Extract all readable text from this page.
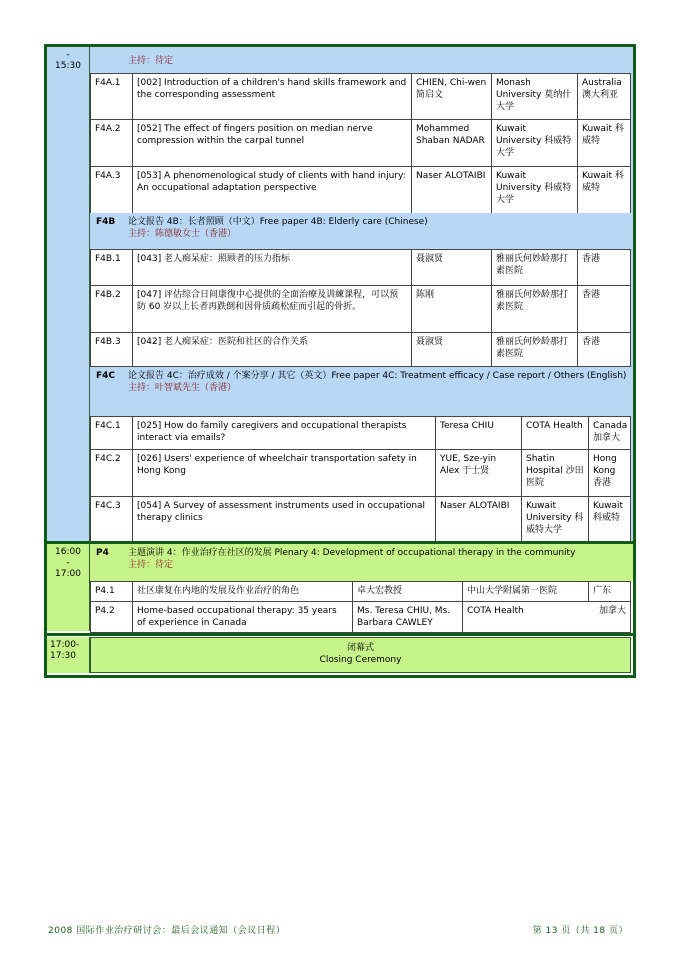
-
15:30	主持：待定
F4A.1	[002] Introduction of a children's hand skills framework and the corresponding assessment	CHIEN, Chi-wen 简启文	Monash University 莫纳什大学	Australia 澳大利亚
F4A.2	[052] The effect of fingers position on median nerve compression within the carpal tunnel	Mohammed Shaban NADAR	Kuwait University 科威特大学	Kuwait 科威特
F4A.3	[053] A phenomenological study of clients with hand injury: An occupational adaptation perspective	Naser ALOTAIBI	Kuwait University 科威特大学	Kuwait 科威特
F4B 论文报告 4B：长者照顾（中文）Free paper 4B: Elderly care (Chinese)
主持：陈德敏女士（香港）
F4B.1	[043] 老人痴呆症：照顾者的压力指标	聂淑贤	雅丽氏何妙龄那打素医院	香港
F4B.2	[047] 评估综合日间康復中心提供的全面治療及训練课程，可以预防 60 岁以上长者再跌倒和因骨质疏松症而引起的骨折。	陈刚	雅丽氏何妙龄那打素医院	香港
F4B.3	[042] 老人痴呆症：医院和社区的合作关系	聂淑贤	雅丽氏何妙龄那打素医院	香港
F4C	论文报告 4C：治疗成效 / 个案分享 / 其它（英文）Free paper 4C: Treatment efficacy / Case report / Others (English)
主持：叶智斌先生（香港）
F4C.1	[025] How do family caregivers and occupational therapists interact via emails?	Teresa CHIU	COTA Health	Canada 加拿大
F4C.2	[026] Users' experience of wheelchair transportation safety in Hong Kong	YUE, Sze-yin Alex 于士贤	Shatin Hospital 沙田医院	Hong Kong 香港
F4C.3	[054] A Survey of assessment instruments used in occupational therapy clinics	Naser ALOTAIBI	Kuwait University 科威特大学	Kuwait 科威特
16:00
-
17:00
P4 主题演讲 4：作业治疗在社区的发展 Plenary 4: Development of occupational therapy in the community
主持：待定
P4.1	社区康复在内地的发展及作业治疗的角色	卓大宏教授	中山大学附属第一医院	广东
P4.2	Home-based occupational therapy: 35 years of experience in Canada	Ms. Teresa CHIU, Ms. Barbara CAWLEY	COTA Health 加拿大	
17:00-
17:30
闭幕式
Closing Ceremony
2008 国际作业治疗研讨会：最后会议通知（会议日程）	第 13 页（共 18 页）
